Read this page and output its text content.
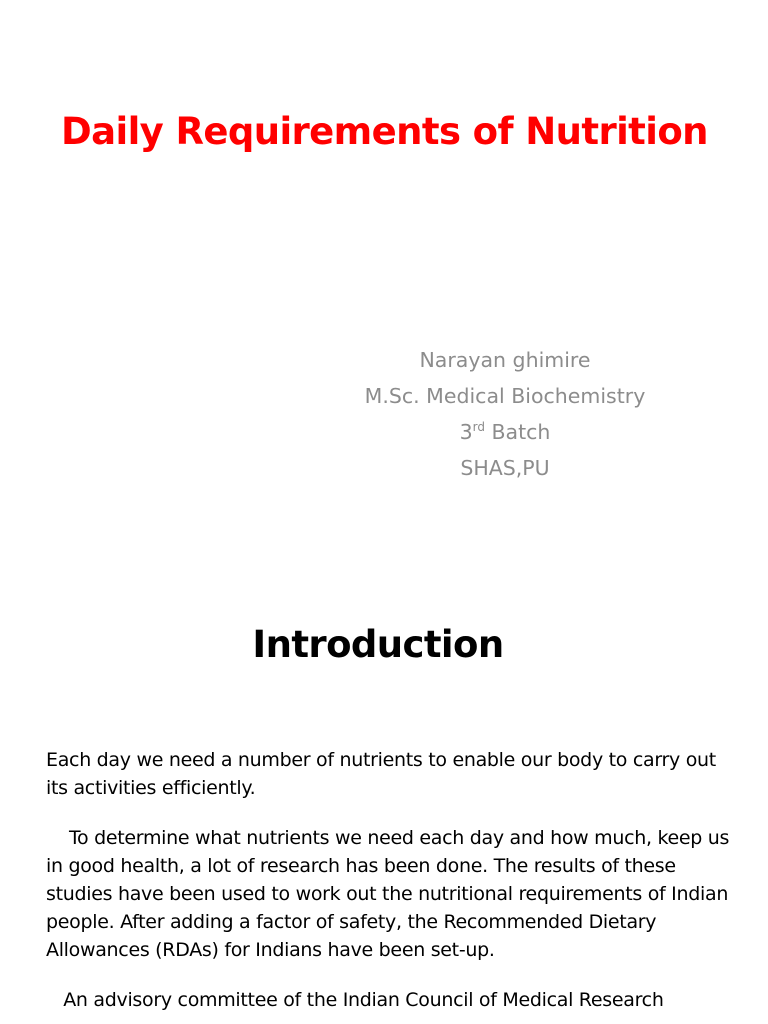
Daily Requirements of Nutrition
Narayan ghimire
M.Sc. Medical Biochemistry
3rd Batch
SHAS,PU
Introduction

Each day we need a number of nutrients to enable our body to carry out its activities efficiently.

To determine what nutrients we need each day and how much, keep us in good health, a lot of research has been done. The results of these studies have been used to work out the nutritional requirements of Indian people. After adding a factor of safety, the Recommended Dietary Allowances (RDAs) for Indians have been set-up.

An advisory committee of the Indian Council of Medical Research
